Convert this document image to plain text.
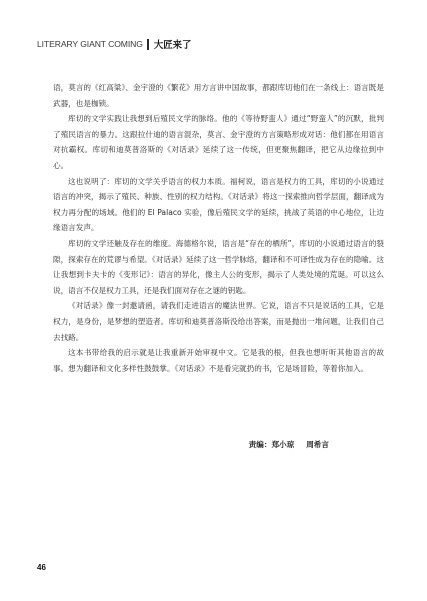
LITERARY GIANT COMING 大匠来了

语，莫言的《红高粱》、金宇澄的《繁花》用方言讲中国故事，都跟库切他们在一条线上：语言既是武器，也是枷锁。

库切的文学实践让我想到后殖民文学的脉络。他的《等待野蛮人》通过“野蛮人”的沉默，批判了殖民语言的暴力。这跟拉什迪的语言混杂，莫言、金宇澄的方言策略形成对话：他们都在用语言对抗霸权。库切和迪莫普洛斯的《对话录》延续了这一传统，但更聚焦翻译，把它从边缘拉到中心。

这也说明了：库切的文学关乎语言的权力本质。福柯说，语言是权力的工具，库切的小说通过语言的冲突，揭示了殖民、种族、性别的权力结构。《对话录》将这一探索推向哲学层面，翻译成为权力再分配的场域。他们的 El Palaco 实验，像后殖民文学的延续，挑战了英语的中心地位，让边缘语言发声。

库切的文学还触及存在的维度。海德格尔说，语言是“存在的栖所”，库切的小说通过语言的裂隙，探索存在的荒谬与希望。《对话录》延续了这一哲学脉络，翻译和不可译性成为存在的隐喻。这让我想到卡夫卡的《变形记》：语言的异化，像主人公的变形，揭示了人类处境的荒诞。可以这么说，语言不仅是权力工具，还是我们面对存在之谜的钥匙。

《对话录》像一封邀请函，请我们走进语言的魔法世界。它说，语言不只是说话的工具，它是权力，是身份，是梦想的塑造者。库切和迪莫普洛斯没给出答案，而是抛出一堆问题，让我们自己去找路。

这本书带给我的启示就是让我重新开始审视中文。它是我的根，但我也想听听其他语言的故事。想为翻译和文化多样性鼓鼓掌。《对话录》不是看完就扔的书，它是场冒险，等着你加入。

责编：郑小琼 周希言
46
